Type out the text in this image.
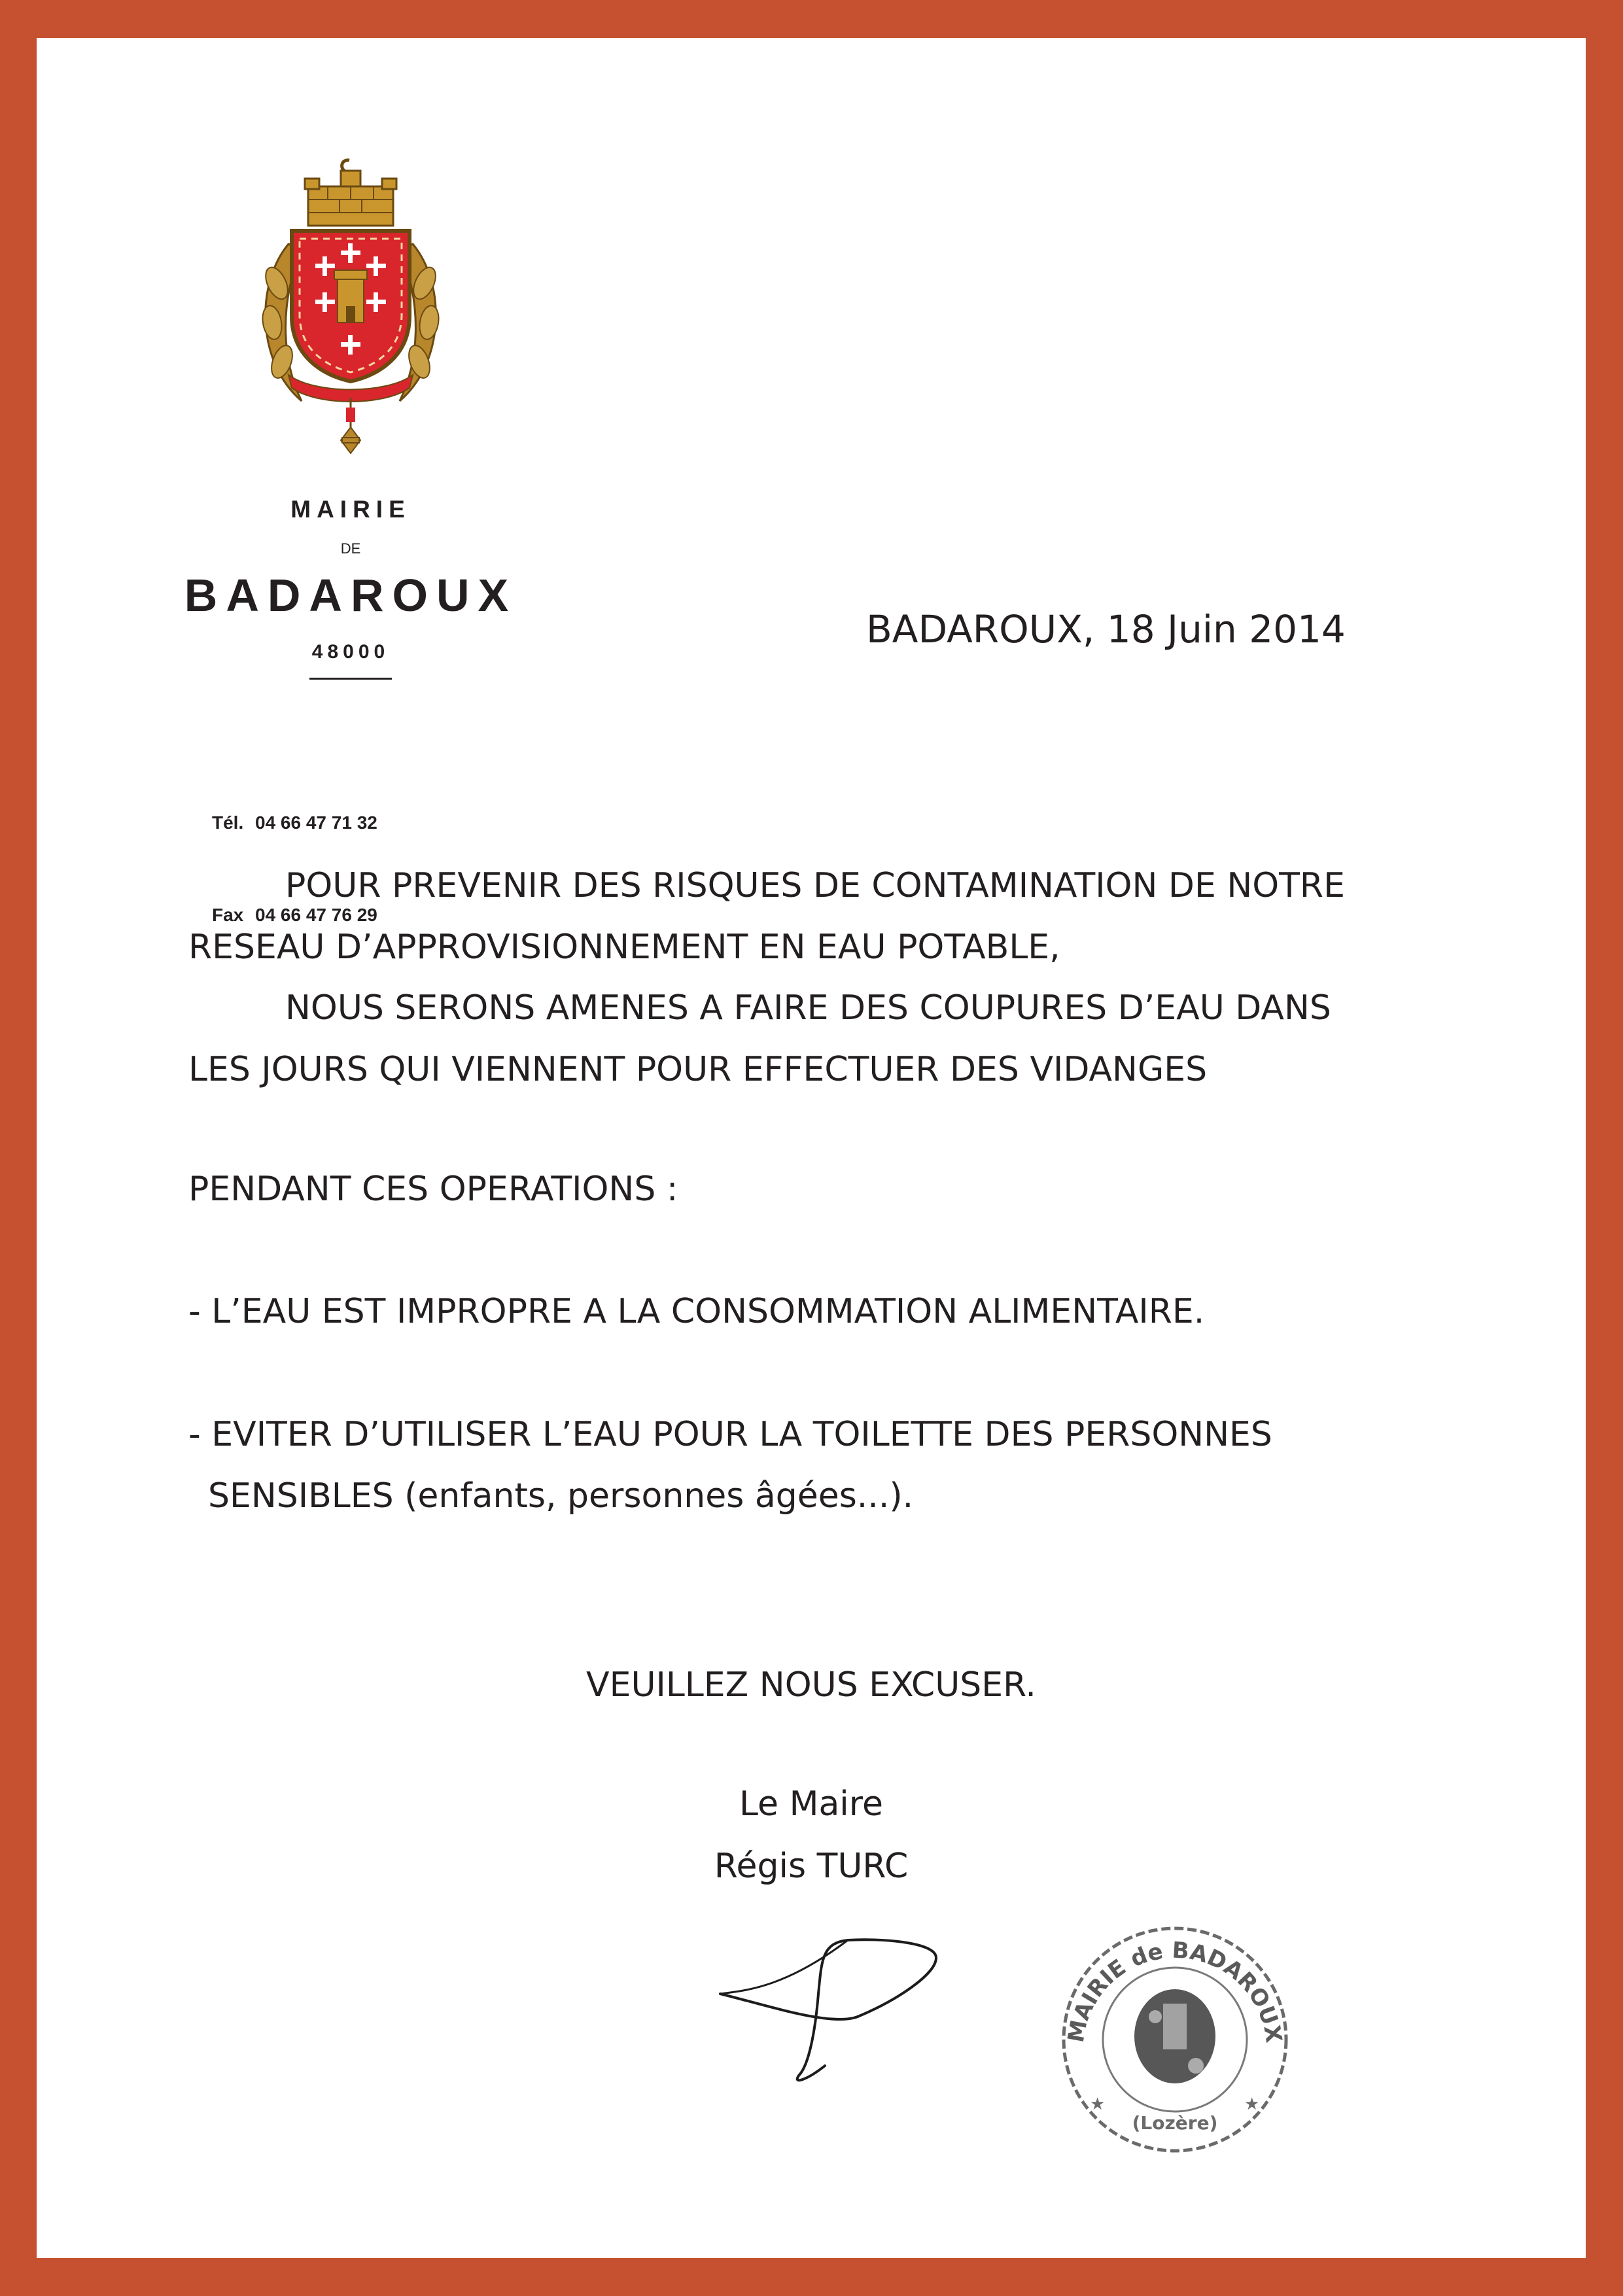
MAIRIE
DE
BADAROUX
48000

Tél. 04 66 47 71 32

Fax 04 66 47 76 29

BADAROUX, 18 Juin 2014
POUR PREVENIR DES RISQUES DE CONTAMINATION DE NOTRE
RESEAU D’APPROVISIONNEMENT EN EAU POTABLE,
NOUS SERONS AMENES A FAIRE DES COUPURES D’EAU DANS
LES JOURS QUI VIENNENT POUR EFFECTUER DES VIDANGES
PENDANT CES OPERATIONS :
- L’EAU EST IMPROPRE A LA CONSOMMATION ALIMENTAIRE.
- EVITER D’UTILISER L’EAU POUR LA TOILETTE DES PERSONNES
SENSIBLES (enfants, personnes âgées...).
VEUILLEZ NOUS EXCUSER.
Le Maire
Régis TURC
MAIRIE de BADAROUX
★	★
(Lozère)
